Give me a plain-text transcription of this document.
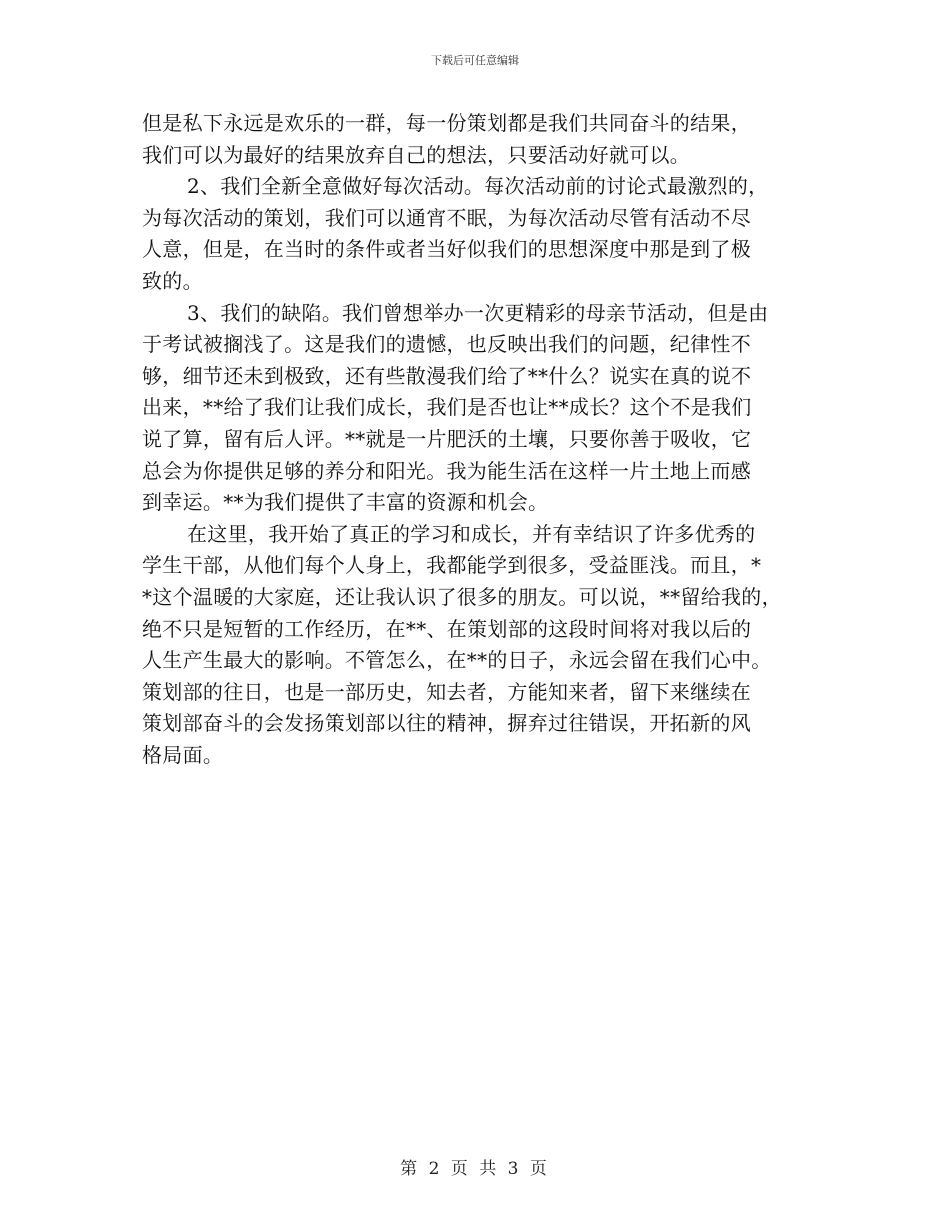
下载后可任意编辑
但是私下永远是欢乐的一群，每一份策划都是我们共同奋斗的结果，
我们可以为最好的结果放弃自己的想法，只要活动好就可以。
2、我们全新全意做好每次活动。每次活动前的讨论式最激烈的，
为每次活动的策划，我们可以通宵不眠，为每次活动尽管有活动不尽
人意，但是，在当时的条件或者当好似我们的思想深度中那是到了极
致的。
3、我们的缺陷。我们曾想举办一次更精彩的母亲节活动，但是由
于考试被搁浅了。这是我们的遗憾，也反映出我们的问题，纪律性不
够，细节还未到极致，还有些散漫我们给了**什么？说实在真的说不
出来，**给了我们让我们成长，我们是否也让**成长？这个不是我们
说了算，留有后人评。**就是一片肥沃的土壤，只要你善于吸收，它
总会为你提供足够的养分和阳光。我为能生活在这样一片土地上而感
到幸运。**为我们提供了丰富的资源和机会。
在这里，我开始了真正的学习和成长，并有幸结识了许多优秀的
学生干部，从他们每个人身上，我都能学到很多，受益匪浅。而且，*
*这个温暖的大家庭，还让我认识了很多的朋友。可以说，**留给我的，
绝不只是短暂的工作经历，在**、在策划部的这段时间将对我以后的
人生产生最大的影响。不管怎么，在**的日子，永远会留在我们心中。
策划部的往日，也是一部历史，知去者，方能知来者，留下来继续在
策划部奋斗的会发扬策划部以往的精神，摒弃过往错误，开拓新的风
格局面。
第 2 页 共 3 页
